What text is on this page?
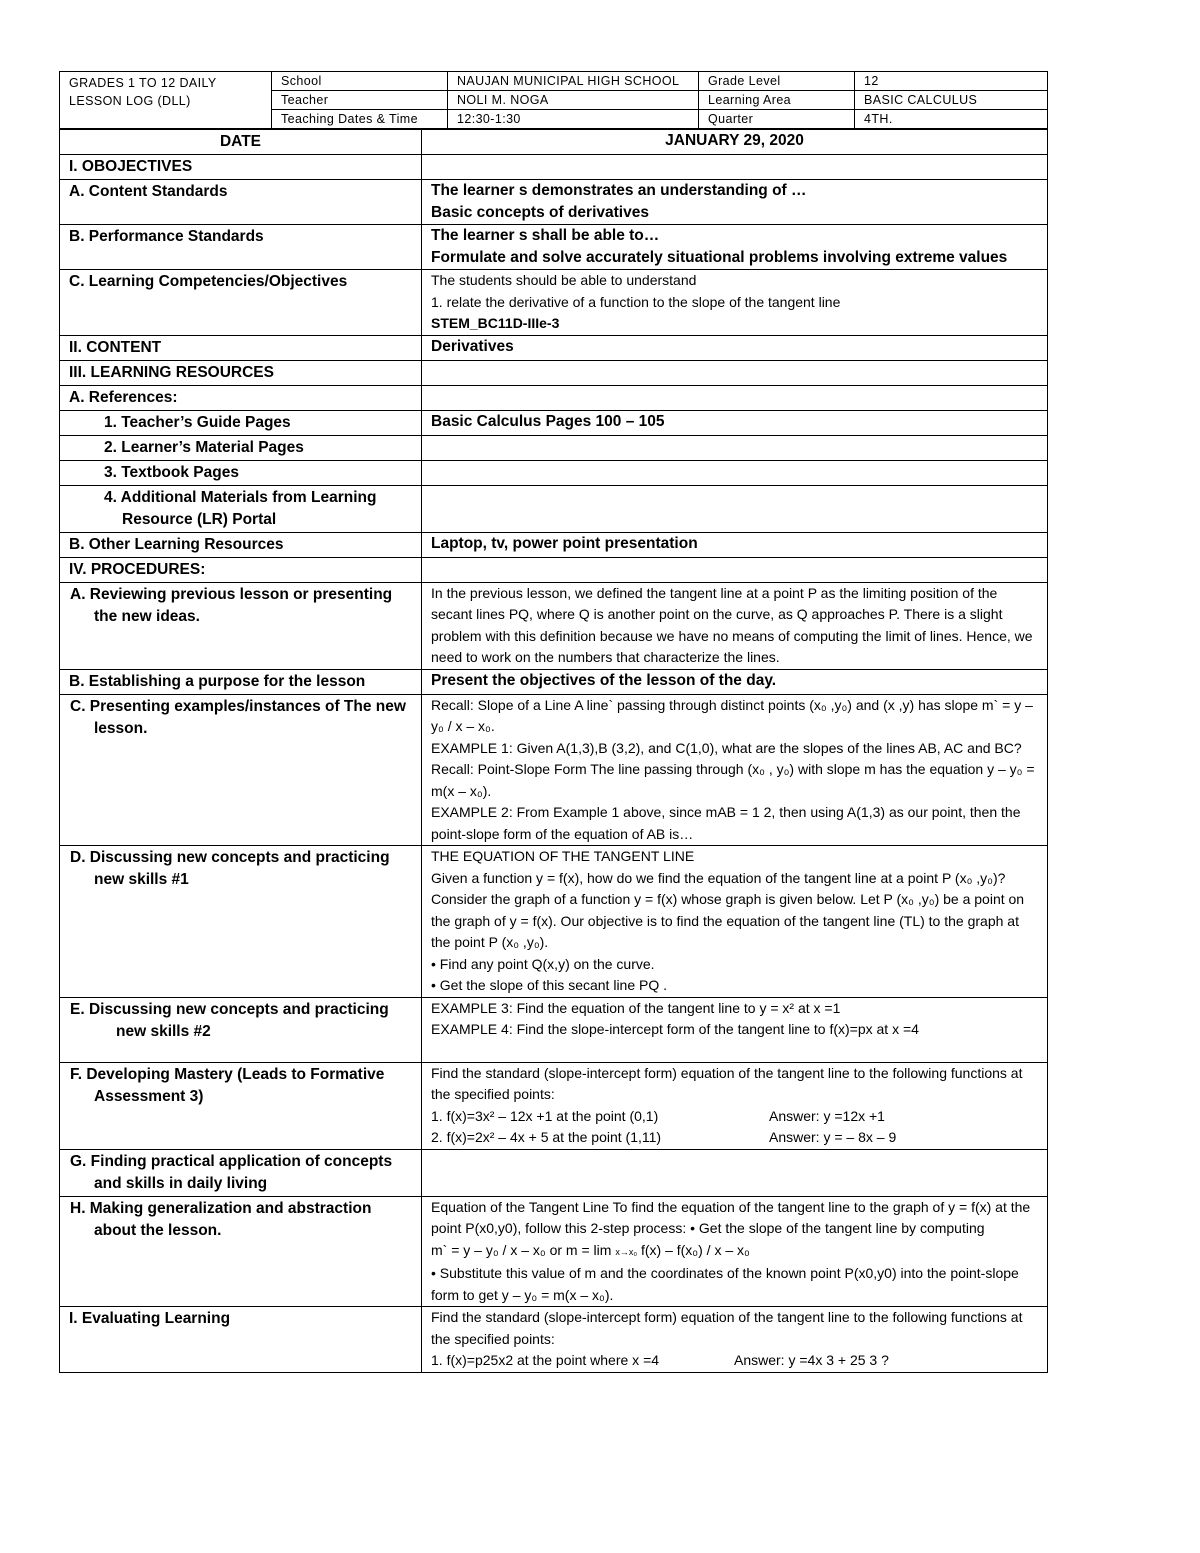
GRADES 1 TO 12 DAILY LESSON LOG (DLL)	School	NAUJAN MUNICIPAL HIGH SCHOOL	Grade Level	12
	Teacher	NOLI M. NOGA	Learning Area	BASIC CALCULUS
	Teaching Dates & Time	12:30-1:30	Quarter	4TH.
DATE	JANUARY 29, 2020
I. OBOJECTIVES	
A. Content Standards	The learner s demonstrates an understanding of …
Basic concepts of derivatives

B. Performance Standards	The learner s shall be able to…
Formulate and solve accurately situational problems involving extreme values

C. Learning Competencies/Objectives	The students should be able to understand
1. relate the derivative of a function to the slope of the tangent line
STEM_BC11D-IIIe-3

II. CONTENT	Derivatives
III. LEARNING RESOURCES	
A. References:	
1. Teacher’s Guide Pages	Basic Calculus Pages 100 – 105
2. Learner’s Material Pages	
3. Textbook Pages	
4. Additional Materials from Learning Resource (LR) Portal	
B. Other Learning Resources	Laptop, tv, power point presentation
IV. PROCEDURES:	
A. Reviewing previous lesson or presenting the new ideas.	In the previous lesson, we defined the tangent line at a point P as the limiting position of the secant lines PQ, where Q is another point on the curve, as Q approaches P. There is a slight problem with this definition because we have no means of computing the limit of lines. Hence, we need to work on the numbers that characterize the lines.
B. Establishing a purpose for the lesson	Present the objectives of the lesson of the day.
C. Presenting examples/instances of The new lesson.	Recall: Slope of a Line A line` passing through distinct points (x₀ ,y₀) and (x ,y) has slope m` = y – y₀ / x – x₀.
EXAMPLE 1: Given A(1,3),B (3,2), and C(1,0), what are the slopes of the lines AB, AC and BC?
Recall: Point-Slope Form The line passing through (x₀ , y₀) with slope m has the equation y – y₀ = m(x – x₀).
EXAMPLE 2: From Example 1 above, since mAB = 1 2, then using A(1,3) as our point, then the point-slope form of the equation of AB is…

D. Discussing new concepts and practicing new skills #1	THE EQUATION OF THE TANGENT LINE
Given a function y = f(x), how do we find the equation of the tangent line at a point P (x₀ ,y₀)? Consider the graph of a function y = f(x) whose graph is given below. Let P (x₀ ,y₀) be a point on the graph of y = f(x). Our objective is to find the equation of the tangent line (TL) to the graph at the point P (x₀ ,y₀).
• Find any point Q(x,y) on the curve.
• Get the slope of this secant line PQ .

E. Discussing new concepts and practicing new skills #2	EXAMPLE 3: Find the equation of the tangent line to y = x² at x =1
EXAMPLE 4: Find the slope-intercept form of the tangent line to f(x)=px at x =4

F. Developing Mastery (Leads to Formative Assessment 3)	Find the standard (slope-intercept form) equation of the tangent line to the following functions at the specified points:
1. f(x)=3x² – 12x +1 at the point (0,1) Answer: y =12x +1
2. f(x)=2x² – 4x + 5 at the point (1,11) Answer: y = – 8x – 9

G. Finding practical application of concepts and skills in daily living	
H. Making generalization and abstraction about the lesson.	Equation of the Tangent Line To find the equation of the tangent line to the graph of y = f(x) at the point P(x0,y0), follow this 2-step process: • Get the slope of the tangent line by computing
m` = y – y₀ / x – x₀ or m = lim x→x₀ f(x) – f(x₀) / x – x₀
• Substitute this value of m and the coordinates of the known point P(x0,y0) into the point-slope form to get y – y₀ = m(x – x₀).

I. Evaluating Learning	Find the standard (slope-intercept form) equation of the tangent line to the following functions at the specified points:
1. f(x)=p25x2 at the point where x =4 Answer: y =4x 3 + 25 3 ?
